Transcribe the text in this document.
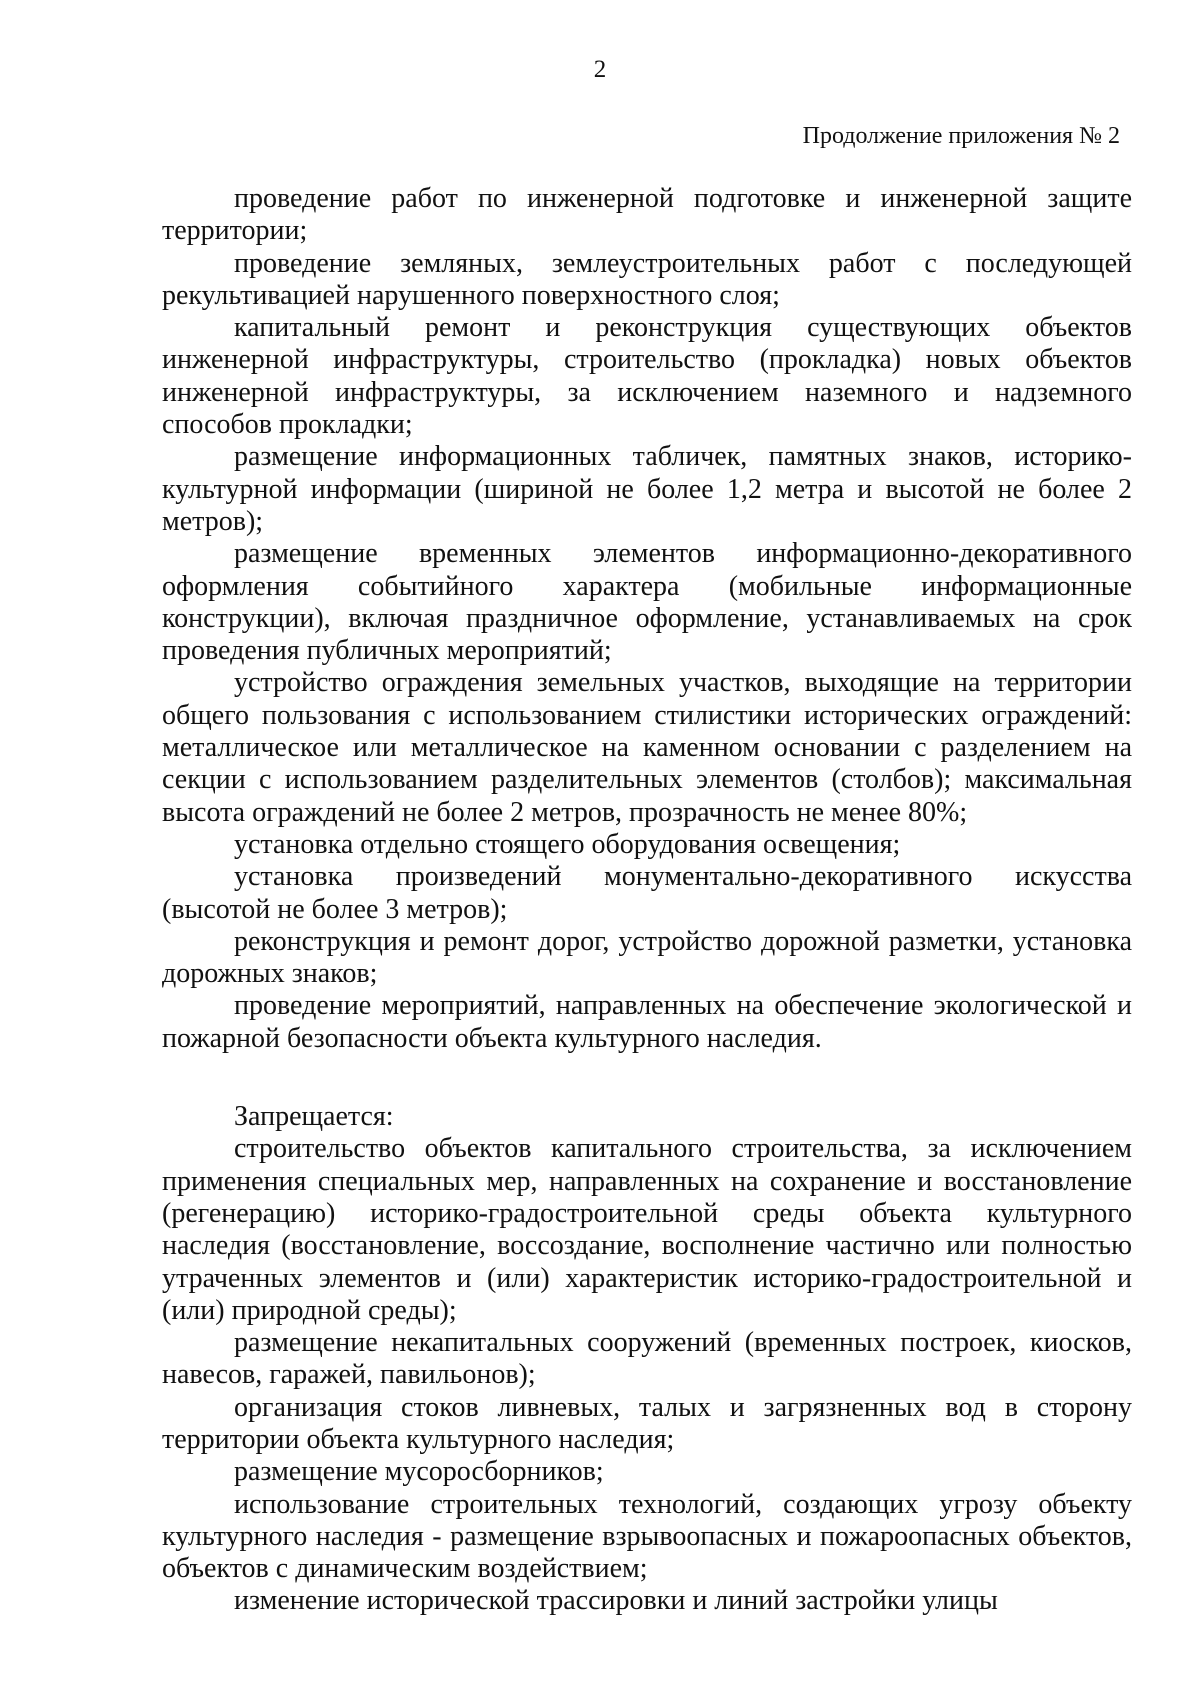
2
Продолжение приложения № 2

проведение работ по инженерной подготовке и инженерной защите территории;

проведение земляных, землеустроительных работ с последующей рекультивацией нарушенного поверхностного слоя;

капитальный ремонт и реконструкция существующих объектов инженерной инфраструктуры, строительство (прокладка) новых объектов инженерной инфраструктуры, за исключением наземного и надземного способов прокладки;

размещение информационных табличек, памятных знаков, историко-культурной информации (шириной не более 1,2 метра и высотой не более 2 метров);

размещение временных элементов информационно-декоративного оформления событийного характера (мобильные информационные конструкции), включая праздничное оформление, устанавливаемых на срок проведения публичных мероприятий;

устройство ограждения земельных участков, выходящие на территории общего пользования с использованием стилистики исторических ограждений: металлическое или металлическое на каменном основании с разделением на секции с использованием разделительных элементов (столбов); максимальная высота ограждений не более 2 метров, прозрачность не менее 80%;

установка отдельно стоящего оборудования освещения;

установка произведений монументально-декоративного искусства (высотой не более 3 метров);

реконструкция и ремонт дорог, устройство дорожной разметки, установка дорожных знаков;

проведение мероприятий, направленных на обеспечение экологической и пожарной безопасности объекта культурного наследия.

Запрещается:

строительство объектов капитального строительства, за исключением применения специальных мер, направленных на сохранение и восстановление (регенерацию) историко-градостроительной среды объекта культурного наследия (восстановление, воссоздание, восполнение частично или полностью утраченных элементов и (или) характеристик историко-градостроительной и (или) природной среды);

размещение некапитальных сооружений (временных построек, киосков, навесов, гаражей, павильонов);

организация стоков ливневых, талых и загрязненных вод в сторону территории объекта культурного наследия;

размещение мусоросборников;

использование строительных технологий, создающих угрозу объекту культурного наследия - размещение взрывоопасных и пожароопасных объектов, объектов с динамическим воздействием;

изменение исторической трассировки и линий застройки улицы
